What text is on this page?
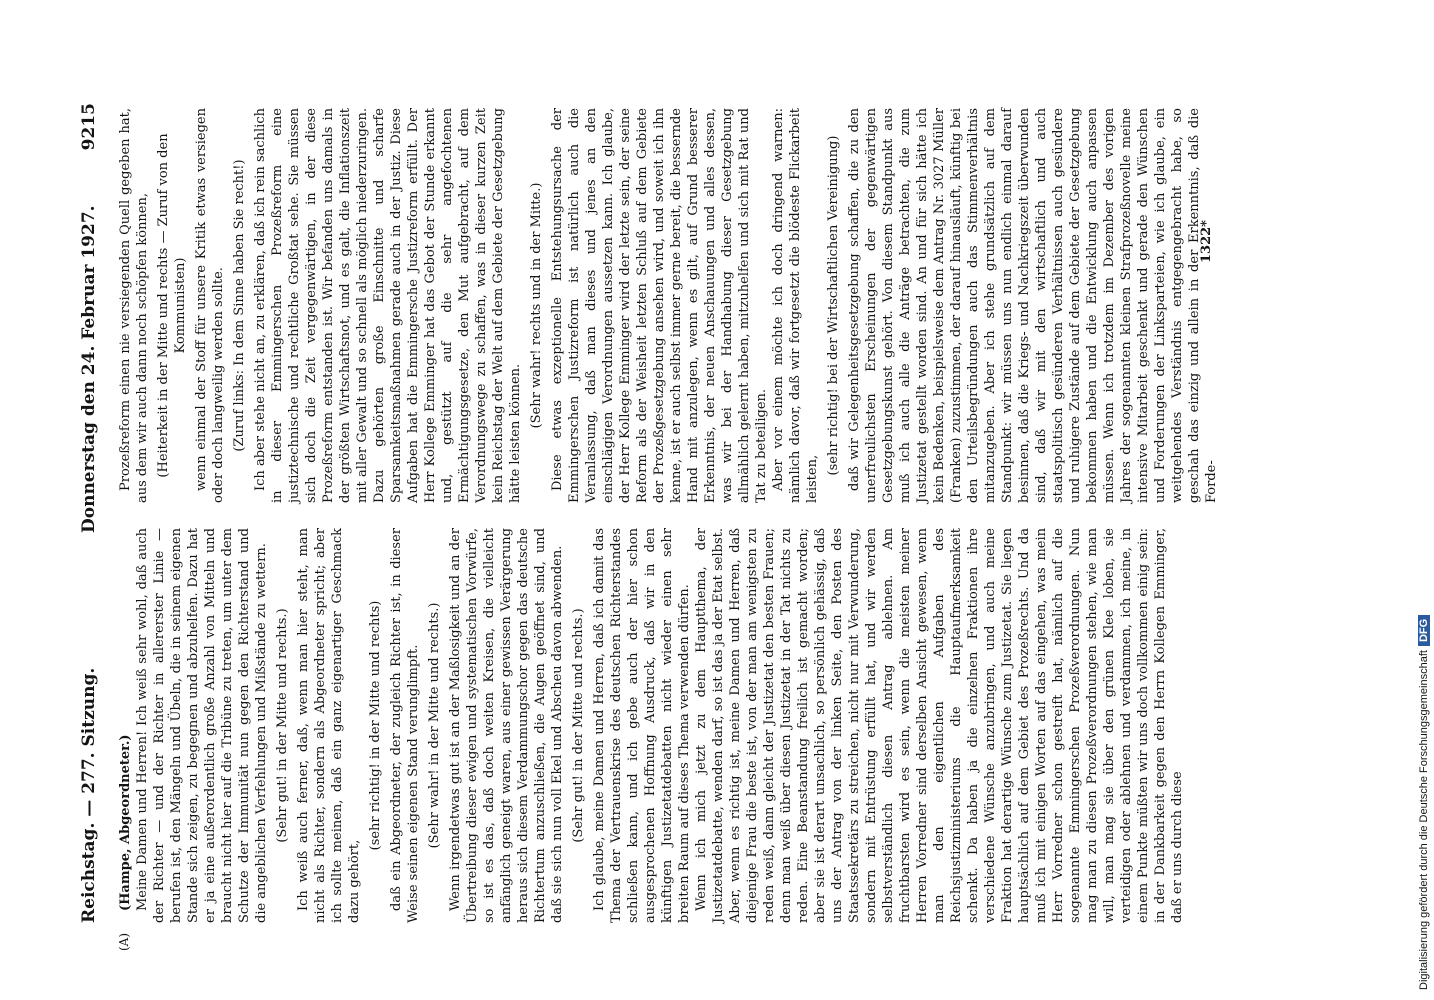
Reichstag. — 277. Sitzung.
Donnerstag den 24. Februar 1927.
9215
(A)

(Hampe, Abgeordneter.) Meine Damen und Herren! Ich weiß sehr wohl, daß auch der Richter — und der Richter in allererster Linie — berufen ist, den Mängeln und Übeln, die in seinem eigenen Stande sich zeigen, zu begegnen und abzuhelfen. Dazu hat er ja eine außerordentlich große Anzahl von Mitteln und braucht nicht hier auf die Tribüne zu treten, um unter dem Schutze der Immunität nun gegen den Richterstand und die angeblichen Verfehlungen und Mißstände zu wettern. (Sehr gut! in der Mitte und rechts.) Ich weiß auch ferner, daß, wenn man hier steht, man nicht als Richter, sondern als Abgeordneter spricht; aber ich sollte meinen, daß ein ganz eigenartiger Geschmack dazu gehört,

(sehr richtig! in der Mitte und rechts) daß ein Abgeordneter, der zugleich Richter ist, in dieser Weise seinen eigenen Stand verunglimpft. (Sehr wahr! in der Mitte und rechts.) Wenn irgendetwas gut ist an der Maßlosigkeit und an der Übertreibung dieser ewigen und systematischen Vorwürfe, so ist es das, daß doch weiten Kreisen, die vielleicht anfänglich geneigt waren, aus einer gewissen Verärgerung heraus sich diesem Verdammungschor gegen das deutsche Richtertum anzuschließen, die Augen geöffnet sind, und daß sie sich nun voll Ekel und Abscheu davon abwenden. (Sehr gut! in der Mitte und rechts.) Ich glaube, meine Damen und Herren, daß ich damit das Thema der Vertrauenskrise des deutschen Richterstandes schließen kann, und ich gebe auch der hier schon ausgesprochenen Hoffnung Ausdruck, daß wir in den künftigen Justizetatdebatten nicht wieder einen sehr breiten Raum auf dieses Thema verwenden dürfen. Wenn ich mich jetzt zu dem Hauptthema, der Justizetatdebatte, wenden darf, so ist das ja der Etat selbst. Aber, wenn es richtig ist, meine Damen und Herren, daß diejenige Frau die beste ist, von der man am wenigsten zu reden weiß, dann gleicht der Justizetat den besten Frauen; denn man weiß über diesen Justizetat in der Tat nichts zu reden. Eine Beanstandung freilich ist gemacht worden; aber sie ist derart unsachlich, so persönlich gehässig, daß uns der Antrag von der linken Seite, den Posten des Staatssekretärs zu streichen, nicht nur mit Verwunderung, sondern mit Entrüstung erfüllt hat, und wir werden selbstverständlich diesen Antrag ablehnen. Am fruchtbarsten wird es sein, wenn die meisten meiner Herren Vorredner sind derselben Ansicht gewesen, wenn man den eigentlichen Aufgaben des Reichsjustizministeriums die Hauptaufmerksamkeit schenkt. Da haben ja die einzelnen Fraktionen ihre verschiedene Wünsche anzubringen, und auch meine Fraktion hat derartige Wünsche zum Justizetat. Sie liegen hauptsächlich auf dem Gebiet des Prozeßrechts. Und da muß ich mit einigen Worten auf das eingehen, was mein Herr Vorredner schon gestreift hat, nämlich auf die sogenannte Emmingerschen Prozeßverordnungen. Nun mag man zu diesen Prozeßverordnungen stehen, wie man will, man mag sie über den grünen Klee loben, sie verteidigen oder ablehnen und verdammen, ich meine, in einem Punkte müßten wir uns doch vollkommen einig sein: in der Dankbarkeit gegen den Herrn Kollegen Emminger, daß er uns durch diese

Prozeßreform einen nie versiegenden Quell gegeben hat, aus dem wir auch dann noch schöpfen können, (Heiterkeit in der Mitte und rechts — Zuruf von den Kommunisten) wenn einmal der Stoff für unsere Kritik etwas versiegen oder doch langweilig werden sollte. (Zuruf links: In dem Sinne haben Sie recht!) Ich aber stehe nicht an, zu erklären, daß ich rein sachlich in dieser Emmingerschen Prozeßreform eine justiztechnische und rechtliche Großtat sehe. Sie müssen sich doch die Zeit vergegenwärtigen, in der diese Prozeßreform entstanden ist. Wir befanden uns damals in der größten Wirtschaftsnot, und es galt, die Inflationszeit mit aller Gewalt und so schnell als möglich niederzuringen. Dazu gehörten große Einschnitte und scharfe Sparsamkeitsmaßnahmen gerade auch in der Justiz. Diese Aufgaben hat die Emmingersche Justizreform erfüllt. Der Herr Kollege Emminger hat das Gebot der Stunde erkannt und, gestützt auf die sehr angefochtenen Ermächtigungsgesetze, den Mut aufgebracht, auf dem Verordnungswege zu schaffen, was in dieser kurzen Zeit kein Reichstag der Welt auf dem Gebiete der Gesetzgebung hätte leisten können.

(Sehr wahr! rechts und in der Mitte.) Diese etwas exzeptionelle Entstehungsursache der Emmingerschen Justizreform ist natürlich auch die Veranlassung, daß man dieses und jenes an den einschlägigen Verordnungen aussetzen kann. Ich glaube, der Herr Kollege Emminger wird der letzte sein, der seine Reform als der Weisheit letzten Schluß auf dem Gebiete der Prozeßgesetzgebung ansehen wird, und soweit ich ihn kenne, ist er auch selbst immer gerne bereit, die bessernde Hand mit anzulegen, wenn es gilt, auf Grund besserer Erkenntnis, der neuen Anschauungen und alles dessen, was wir bei der Handhabung dieser Gesetzgebung allmählich gelernt haben, mitzuhelfen und sich mit Rat und Tat zu beteiligen. Aber vor einem möchte ich doch dringend warnen: nämlich davor, daß wir fortgesetzt die blödeste Flickarbeit leisten,

(sehr richtig! bei der Wirtschaftlichen Vereinigung) daß wir Gelegenheitsgesetzgebung schaffen, die zu den unerfreulichsten Erscheinungen der gegenwärtigen Gesetzgebungskunst gehört. Von diesem Standpunkt aus muß ich auch alle die Anträge betrachten, die zum Justizetat gestellt worden sind. An und für sich hätte ich kein Bedenken, beispielsweise dem Antrag Nr. 3027 Müller (Franken) zuzustimmen, der darauf hinausläuft, künftig bei den Urteilsbegründungen auch das Stimmenverhältnis mitanzugeben. Aber ich stehe grundsätzlich auf dem Standpunkt: wir müssen uns nun endlich einmal darauf besinnen, daß die Kriegs- und Nachkriegszeit überwunden sind, daß wir mit den wirtschaftlich und auch staatspolitisch gesünderen Verhältnissen auch gesündere und ruhigere Zustände auf dem Gebiete der Gesetzgebung bekommen haben und die Entwicklung auch anpassen müssen. Wenn ich trotzdem im Dezember des vorigen Jahres der sogenannten kleinen Strafprozeßnovelle meine intensive Mitarbeit geschenkt und gerade den Wünschen und Forderungen der Linksparteien, wie ich glaube, ein weitgehendes Verständnis entgegengebracht habe, so geschah das einzig und allein in der Erkenntnis, daß die Forde-

1322*
Digitalisierung gefördert durch die Deutsche ForschungsgemeinschaftDFG
